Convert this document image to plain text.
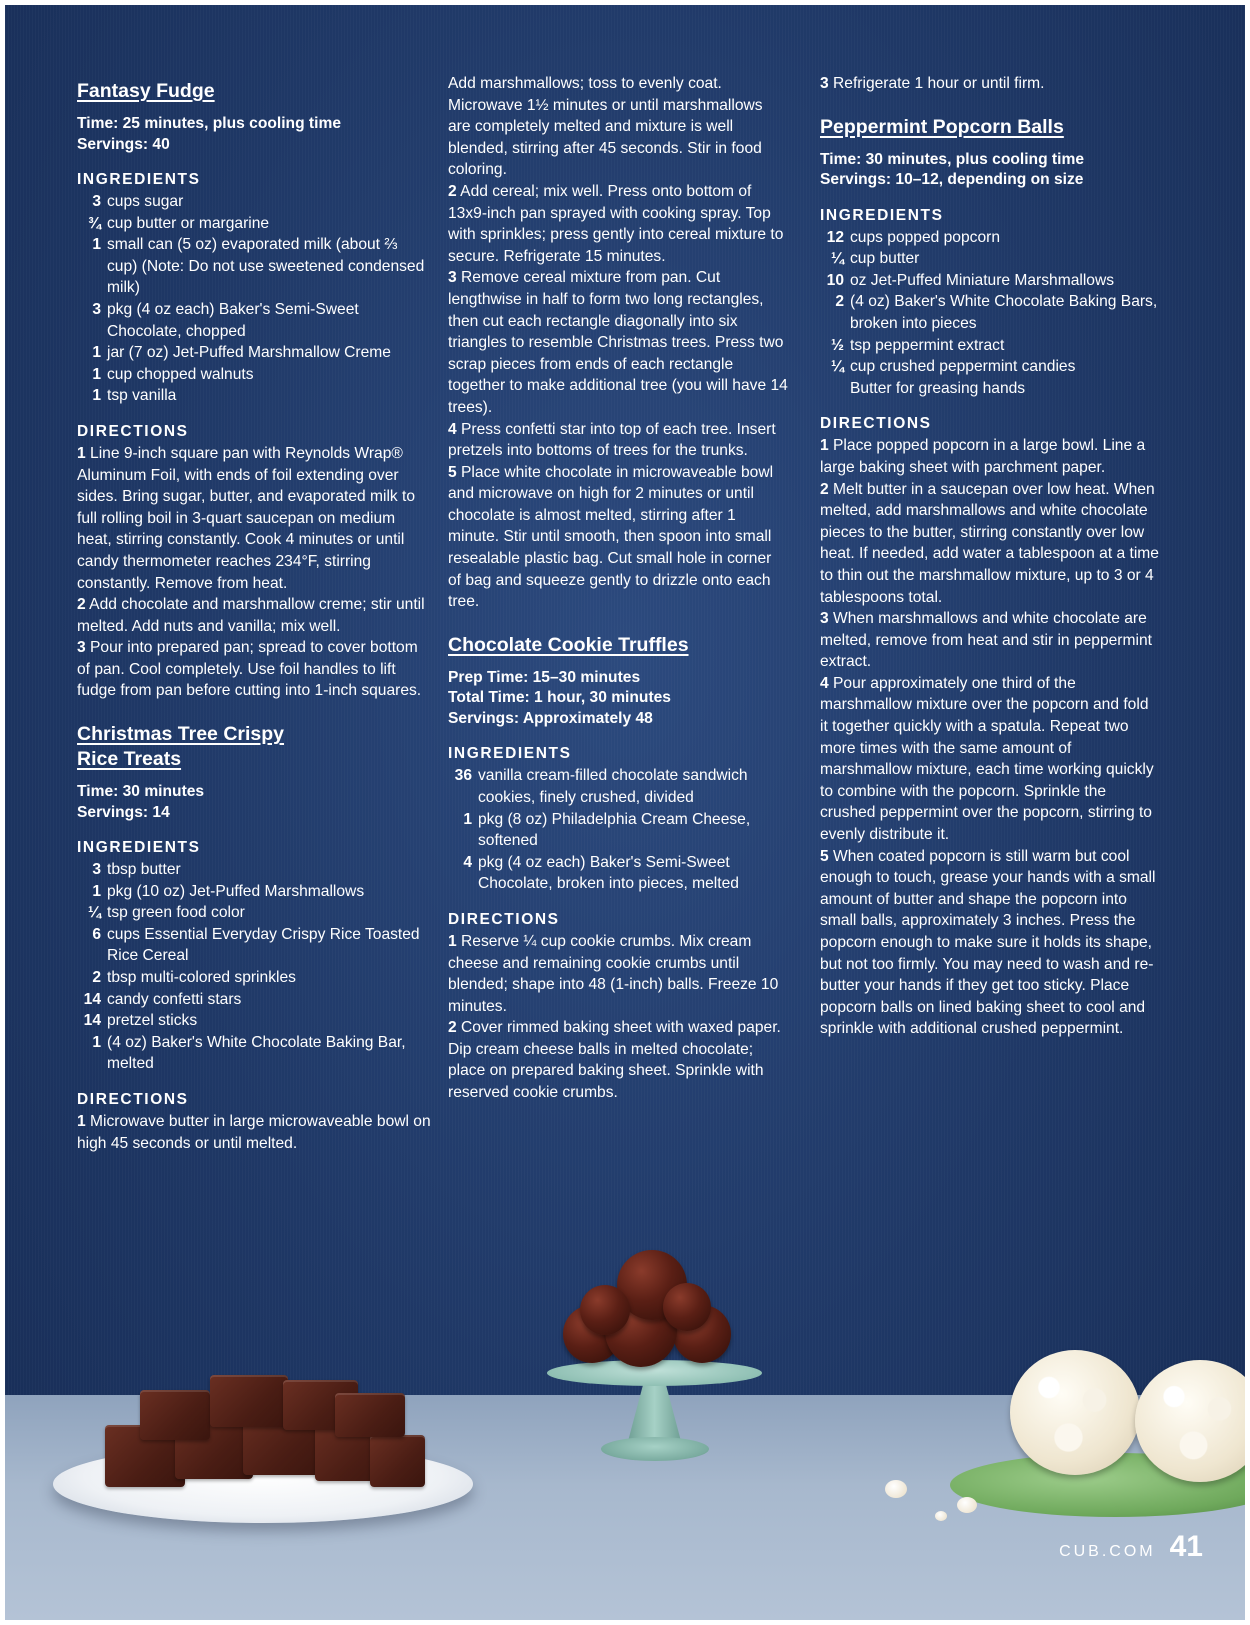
Fantasy Fudge
Time: 25 minutes, plus cooling time
Servings: 40
INGREDIENTS
3 cups sugar
¾ cup butter or margarine
1 small can (5 oz) evaporated milk (about ⅔ cup) (Note: Do not use sweetened condensed milk)
3 pkg (4 oz each) Baker's Semi-Sweet Chocolate, chopped
1 jar (7 oz) Jet-Puffed Marshmallow Creme
1 cup chopped walnuts
1 tsp vanilla
DIRECTIONS
1 Line 9-inch square pan with Reynolds Wrap® Aluminum Foil, with ends of foil extending over sides. Bring sugar, butter, and evaporated milk to full rolling boil in 3-quart saucepan on medium heat, stirring constantly. Cook 4 minutes or until candy thermometer reaches 234°F, stirring constantly. Remove from heat.
2 Add chocolate and marshmallow creme; stir until melted. Add nuts and vanilla; mix well.
3 Pour into prepared pan; spread to cover bottom of pan. Cool completely. Use foil handles to lift fudge from pan before cutting into 1-inch squares.
Christmas Tree Crispy Rice Treats
Time: 30 minutes
Servings: 14
INGREDIENTS
3 tbsp butter
1 pkg (10 oz) Jet-Puffed Marshmallows
¼ tsp green food color
6 cups Essential Everyday Crispy Rice Toasted Rice Cereal
2 tbsp multi-colored sprinkles
14 candy confetti stars
14 pretzel sticks
1 (4 oz) Baker's White Chocolate Baking Bar, melted
DIRECTIONS
1 Microwave butter in large microwaveable bowl on high 45 seconds or until melted.
Add marshmallows; toss to evenly coat. Microwave 1½ minutes or until marshmallows are completely melted and mixture is well blended, stirring after 45 seconds. Stir in food coloring.
2 Add cereal; mix well. Press onto bottom of 13x9-inch pan sprayed with cooking spray. Top with sprinkles; press gently into cereal mixture to secure. Refrigerate 15 minutes.
3 Remove cereal mixture from pan. Cut lengthwise in half to form two long rectangles, then cut each rectangle diagonally into six triangles to resemble Christmas trees. Press two scrap pieces from ends of each rectangle together to make additional tree (you will have 14 trees).
4 Press confetti star into top of each tree. Insert pretzels into bottoms of trees for the trunks.
5 Place white chocolate in microwaveable bowl and microwave on high for 2 minutes or until chocolate is almost melted, stirring after 1 minute. Stir until smooth, then spoon into small resealable plastic bag. Cut small hole in corner of bag and squeeze gently to drizzle onto each tree.
Chocolate Cookie Truffles
Prep Time: 15–30 minutes
Total Time: 1 hour, 30 minutes
Servings: Approximately 48
INGREDIENTS
36 vanilla cream-filled chocolate sandwich cookies, finely crushed, divided
1 pkg (8 oz) Philadelphia Cream Cheese, softened
4 pkg (4 oz each) Baker's Semi-Sweet Chocolate, broken into pieces, melted
DIRECTIONS
1 Reserve ¼ cup cookie crumbs. Mix cream cheese and remaining cookie crumbs until blended; shape into 48 (1-inch) balls. Freeze 10 minutes.
2 Cover rimmed baking sheet with waxed paper. Dip cream cheese balls in melted chocolate; place on prepared baking sheet. Sprinkle with reserved cookie crumbs.
3 Refrigerate 1 hour or until firm.
Peppermint Popcorn Balls
Time: 30 minutes, plus cooling time
Servings: 10–12, depending on size
INGREDIENTS
12 cups popped popcorn
¼ cup butter
10 oz Jet-Puffed Miniature Marshmallows
2 (4 oz) Baker's White Chocolate Baking Bars, broken into pieces
½ tsp peppermint extract
¼ cup crushed peppermint candies
Butter for greasing hands
DIRECTIONS
1 Place popped popcorn in a large bowl. Line a large baking sheet with parchment paper.
2 Melt butter in a saucepan over low heat. When melted, add marshmallows and white chocolate pieces to the butter, stirring constantly over low heat. If needed, add water a tablespoon at a time to thin out the marshmallow mixture, up to 3 or 4 tablespoons total.
3 When marshmallows and white chocolate are melted, remove from heat and stir in peppermint extract.
4 Pour approximately one third of the marshmallow mixture over the popcorn and fold it together quickly with a spatula. Repeat two more times with the same amount of marshmallow mixture, each time working quickly to combine with the popcorn. Sprinkle the crushed peppermint over the popcorn, stirring to evenly distribute it.
5 When coated popcorn is still warm but cool enough to touch, grease your hands with a small amount of butter and shape the popcorn into small balls, approximately 3 inches. Press the popcorn enough to make sure it holds its shape, but not too firmly. You may need to wash and re-butter your hands if they get too sticky. Place popcorn balls on lined baking sheet to cool and sprinkle with additional crushed peppermint.
CUB.COM 41
